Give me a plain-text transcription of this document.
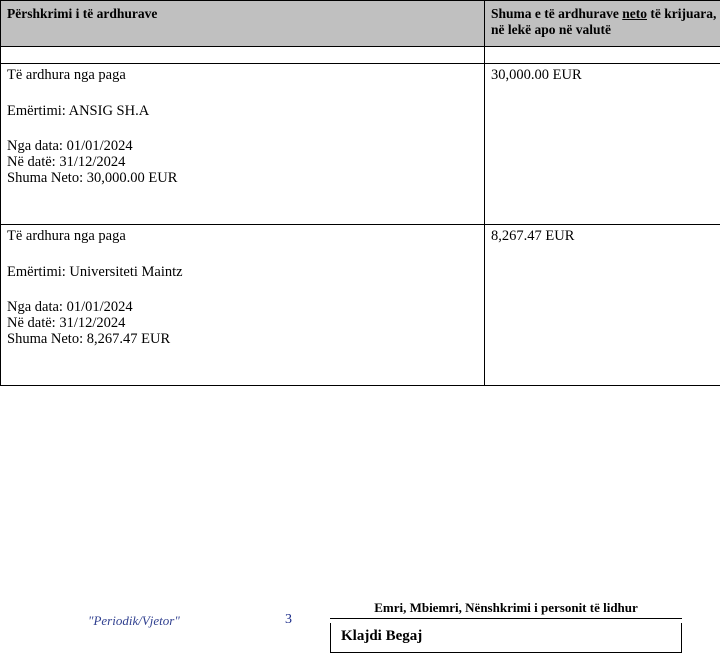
Përshkrimi i të ardhurave	Shuma e të ardhurave neto të krijuara, në lekë apo në valutë

Të ardhura nga paga
Emërtimi: ANSIG SH.A
Nga data: 01/01/2024
Në datë: 31/12/2024
Shuma Neto: 30,000.00 EUR	30,000.00 EUR

Të ardhura nga paga
Emërtimi: Universiteti Maintz
Nga data: 01/01/2024
Në datë: 31/12/2024
Shuma Neto: 8,267.47 EUR	8,267.47 EUR
"Periodik/Vjetor"	3
Emri, Mbiemri, Nënshkrimi i personit të lidhur
Klajdi Begaj
